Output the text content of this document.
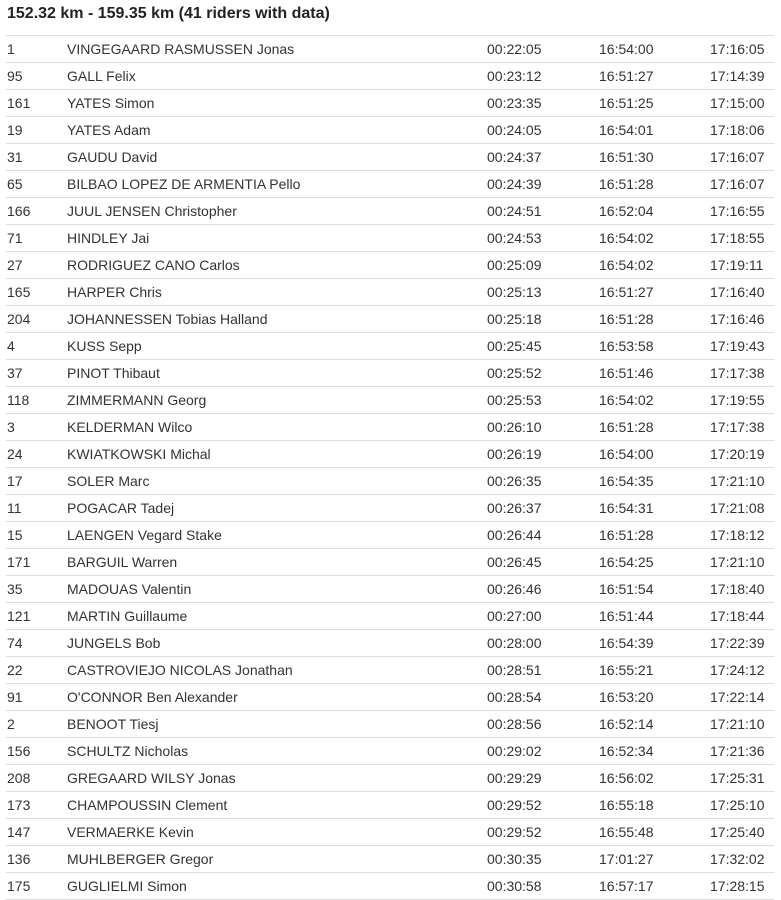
152.32 km - 159.35 km (41 riders with data)
1	VINGEGAARD RASMUSSEN Jonas	00:22:05	16:54:00	17:16:05
95	GALL Felix	00:23:12	16:51:27	17:14:39
161	YATES Simon	00:23:35	16:51:25	17:15:00
19	YATES Adam	00:24:05	16:54:01	17:18:06
31	GAUDU David	00:24:37	16:51:30	17:16:07
65	BILBAO LOPEZ DE ARMENTIA Pello	00:24:39	16:51:28	17:16:07
166	JUUL JENSEN Christopher	00:24:51	16:52:04	17:16:55
71	HINDLEY Jai	00:24:53	16:54:02	17:18:55
27	RODRIGUEZ CANO Carlos	00:25:09	16:54:02	17:19:11
165	HARPER Chris	00:25:13	16:51:27	17:16:40
204	JOHANNESSEN Tobias Halland	00:25:18	16:51:28	17:16:46
4	KUSS Sepp	00:25:45	16:53:58	17:19:43
37	PINOT Thibaut	00:25:52	16:51:46	17:17:38
118	ZIMMERMANN Georg	00:25:53	16:54:02	17:19:55
3	KELDERMAN Wilco	00:26:10	16:51:28	17:17:38
24	KWIATKOWSKI Michal	00:26:19	16:54:00	17:20:19
17	SOLER Marc	00:26:35	16:54:35	17:21:10
11	POGACAR Tadej	00:26:37	16:54:31	17:21:08
15	LAENGEN Vegard Stake	00:26:44	16:51:28	17:18:12
171	BARGUIL Warren	00:26:45	16:54:25	17:21:10
35	MADOUAS Valentin	00:26:46	16:51:54	17:18:40
121	MARTIN Guillaume	00:27:00	16:51:44	17:18:44
74	JUNGELS Bob	00:28:00	16:54:39	17:22:39
22	CASTROVIEJO NICOLAS Jonathan	00:28:51	16:55:21	17:24:12
91	O'CONNOR Ben Alexander	00:28:54	16:53:20	17:22:14
2	BENOOT Tiesj	00:28:56	16:52:14	17:21:10
156	SCHULTZ Nicholas	00:29:02	16:52:34	17:21:36
208	GREGAARD WILSY Jonas	00:29:29	16:56:02	17:25:31
173	CHAMPOUSSIN Clement	00:29:52	16:55:18	17:25:10
147	VERMAERKE Kevin	00:29:52	16:55:48	17:25:40
136	MUHLBERGER Gregor	00:30:35	17:01:27	17:32:02
175	GUGLIELMI Simon	00:30:58	16:57:17	17:28:15
